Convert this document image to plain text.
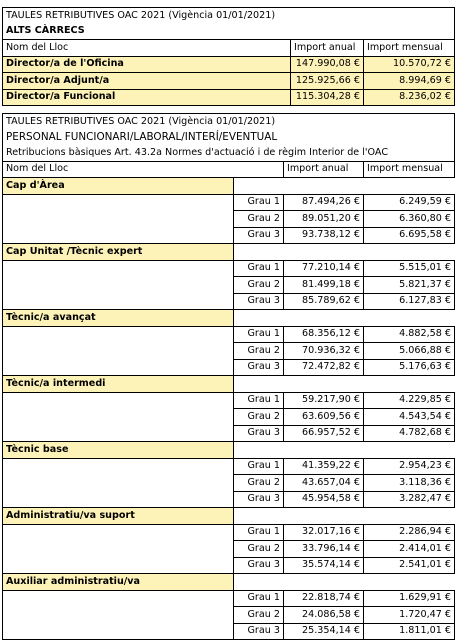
TAULES RETRIBUTIVES OAC 2021 (Vigència 01/01/2021)		
ALTS CÀRRECS		
Nom del Lloc	Import anual	Import mensual
Director/a de l'Oficina	147.990,08 €	10.570,72 €
Director/a Adjunt/a	125.925,66 €	8.994,69 €
Director/a Funcional	115.304,28 €	8.236,02 €
TAULES RETRIBUTIVES OAC 2021 (Vigència 01/01/2021)			
PERSONAL FUNCIONARI/LABORAL/INTERÍ/EVENTUAL			
Retribucions bàsiques Art. 43.2a Normes d'actuació i de règim Interior de l'OAC			
Nom del Lloc		Import anual	Import mensual
Cap d'Àrea			
	Grau 1	87.494,26 €	6.249,59 €
	Grau 2	89.051,20 €	6.360,80 €
	Grau 3	93.738,12 €	6.695,58 €
Cap Unitat /Tècnic expert			
	Grau 1	77.210,14 €	5.515,01 €
	Grau 2	81.499,18 €	5.821,37 €
	Grau 3	85.789,62 €	6.127,83 €
Tècnic/a avançat			
	Grau 1	68.356,12 €	4.882,58 €
	Grau 2	70.936,32 €	5.066,88 €
	Grau 3	72.472,82 €	5.176,63 €
Tècnic/a intermedi			
	Grau 1	59.217,90 €	4.229,85 €
	Grau 2	63.609,56 €	4.543,54 €
	Grau 3	66.957,52 €	4.782,68 €
Tècnic base			
	Grau 1	41.359,22 €	2.954,23 €
	Grau 2	43.657,04 €	3.118,36 €
	Grau 3	45.954,58 €	3.282,47 €
Administratiu/va suport			
	Grau 1	32.017,16 €	2.286,94 €
	Grau 2	33.796,14 €	2.414,01 €
	Grau 3	35.574,14 €	2.541,01 €
Auxiliar administratiu/va			
	Grau 1	22.818,74 €	1.629,91 €
	Grau 2	24.086,58 €	1.720,47 €
	Grau 3	25.354,14 €	1.811,01 €
